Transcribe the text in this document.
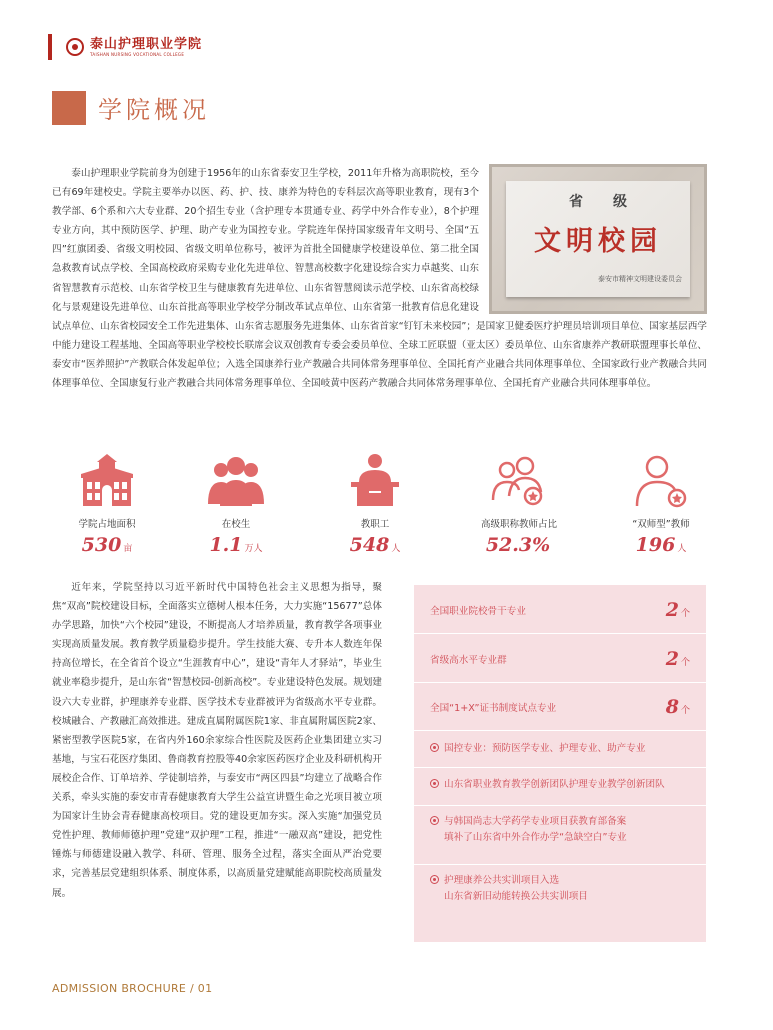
泰山护理职业学院
TAISHAN NURSING VOCATIONAL COLLEGE
学院概况
省级
文明校园
泰安市精神文明建设委员会

泰山护理职业学院前身为创建于1956年的山东省泰安卫生学校，2011年升格为高职院校，至今已有69年建校史。学院主要举办以医、药、护、技、康养为特色的专科层次高等职业教育，现有3个教学部、6个系和六大专业群、20个招生专业（含护理专本贯通专业、药学中外合作专业），8个护理专业方向，其中预防医学、护理、助产专业为国控专业。学院连年保持国家级青年文明号、全国“五四”红旗团委、省级文明校园、省级文明单位称号，被评为首批全国健康学校建设单位、第二批全国急救教育试点学校、全国高校政府采购专业化先进单位、智慧高校数字化建设综合实力卓越奖、山东省智慧教育示范校、山东省学校卫生与健康教育先进单位、山东省智慧阅读示范学校、山东省高校绿化与景观建设先进单位、山东首批高等职业学校学分制改革试点单位、山东省第一批教育信息化建设试点单位、山东省校园安全工作先进集体、山东省志愿服务先进集体、山东省首家“钉钉未来校园”；是国家卫健委医疗护理员培训项目单位、国家基层西学中能力建设工程基地、全国高等职业学校校长联席会议双创教育专委会委员单位、全球工匠联盟（亚太区）委员单位、山东省康养产教研联盟理事长单位、泰安市“医养照护”产教联合体发起单位；入选全国康养行业产教融合共同体常务理事单位、全国托育产业融合共同体理事单位、全国家政行业产教融合共同体理事单位、全国康复行业产教融合共同体常务理事单位、全国岐黄中医药产教融合共同体常务理事单位、全国托育产业融合共同体理事单位。

学院占地面积
530 亩
在校生
1.1 万人
教职工
548 人
高级职称教师占比
52.3%
“双师型”教师
196 人

近年来，学院坚持以习近平新时代中国特色社会主义思想为指导，聚焦“双高”院校建设目标，全面落实立德树人根本任务，大力实施“15677”总体办学思路，加快“六个校园”建设，不断提高人才培养质量，教育教学各项事业实现高质量发展。教育教学质量稳步提升。学生技能大赛、专升本人数连年保持高位增长，在全省首个设立“生涯教育中心”，建设“青年人才驿站”，毕业生就业率稳步提升，是山东省“智慧校园-创新高校”。专业建设特色发展。规划建设六大专业群，护理康养专业群、医学技术专业群被评为省级高水平专业群。校城融合、产教融汇高效推进。建成直属附属医院1家、非直属附属医院2家、紧密型教学医院5家，在省内外160余家综合性医院及医药企业集团建立实习基地，与宝石花医疗集团、鲁商教育控股等40余家医药医疗企业及科研机构开展校企合作、订单培养、学徒制培养，与泰安市“两区四县”均建立了战略合作关系，牵头实施的泰安市青春健康教育大学生公益宣讲暨生命之光项目被立项为国家计生协会青春健康高校项目。党的建设更加夯实。深入实施“加强党员党性护理、教师师德护理”党建“双护理”工程，推进“一融双高”建设，把党性锤炼与师德建设融入教学、科研、管理、服务全过程，落实全面从严治党要求，完善基层党建组织体系、制度体系，以高质量党建赋能高职院校高质量发展。

全国职业院校骨干专业	2 个
省级高水平专业群	2 个
全国“1+X”证书制度试点专业	8 个
国控专业：预防医学专业、护理专业、助产专业
山东省职业教育教学创新团队护理专业教学创新团队
与韩国尚志大学药学专业项目获教育部备案
填补了山东省中外合作办学“急缺空白”专业
护理康养公共实训项目入选
山东省新旧动能转换公共实训项目
ADMISSION BROCHURE / 01
